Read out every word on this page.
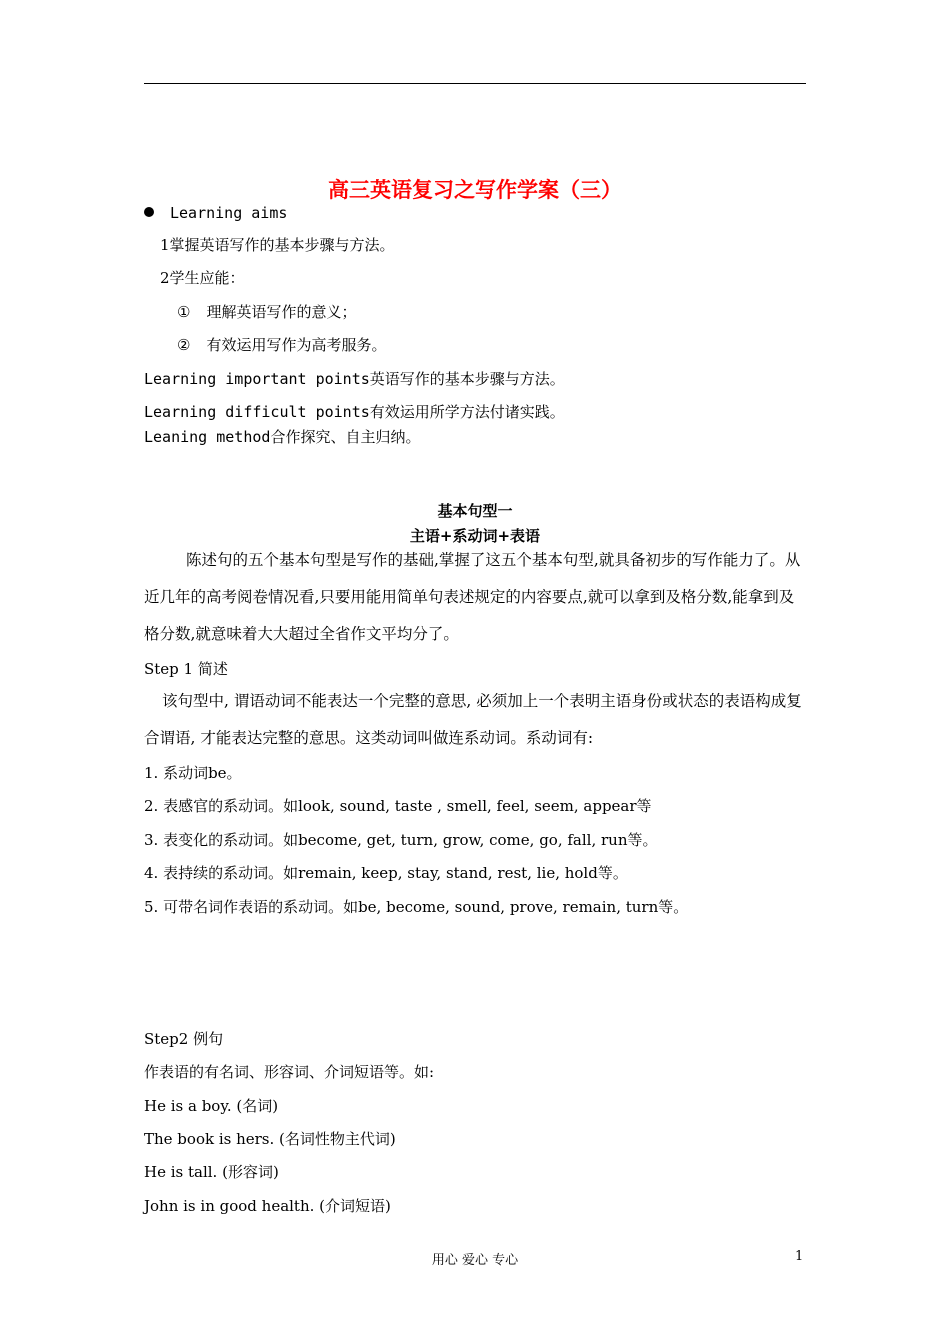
高三英语复习之写作学案（三）
Learning aims
1掌握英语写作的基本步骤与方法。
2学生应能：
① 理解英语写作的意义；
② 有效运用写作为高考服务。
Learning important points英语写作的基本步骤与方法。
Learning difficult points有效运用所学方法付诸实践。
Leaning method合作探究、自主归纳。
基本句型一
主语+系动词+表语
陈述句的五个基本句型是写作的基础,掌握了这五个基本句型,就具备初步的写作能力了。从近几年的高考阅卷情况看,只要用能用简单句表述规定的内容要点,就可以拿到及格分数,能拿到及格分数,就意味着大大超过全省作文平均分了。
Step 1 简述
该句型中, 谓语动词不能表达一个完整的意思, 必须加上一个表明主语身份或状态的表语构成复合谓语, 才能表达完整的意思。这类动词叫做连系动词。系动词有:
1. 系动词be。
2. 表感官的系动词。如look, sound, taste , smell, feel, seem, appear等
3. 表变化的系动词。如become, get, turn, grow, come, go, fall, run等。
4. 表持续的系动词。如remain, keep, stay, stand, rest, lie, hold等。
5. 可带名词作表语的系动词。如be, become, sound, prove, remain, turn等。
Step2 例句
作表语的有名词、形容词、介词短语等。如:
He is a boy. (名词)
The book is hers. (名词性物主代词)
He is tall. (形容词)
John is in good health. (介词短语)
用心 爱心 专心	1
